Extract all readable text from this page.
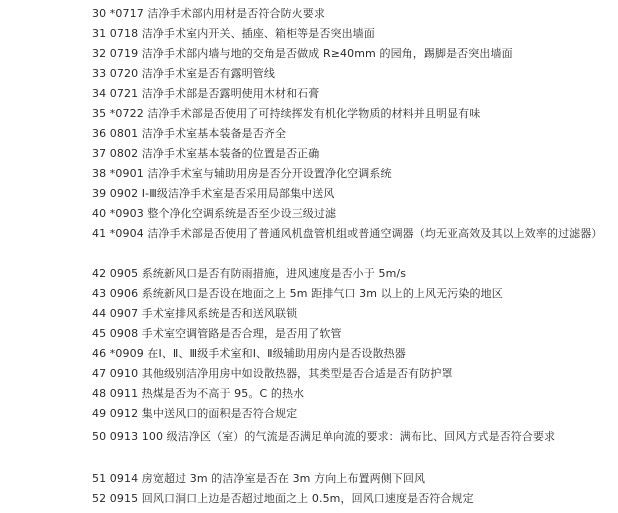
30 *0717 洁净手术部内用材是否符合防火要求
31 0718 洁净手术室内开关、插座、箱柜等是否突出墙面
32 0719 洁净手术部内墙与地的交角是否做成 R≥40mm 的园角，踢脚是否突出墙面
33 0720 洁净手术室是否有露明管线
34 0721 洁净手术部是否露明使用木材和石膏
35 *0722 洁净手术部是否使用了可持续挥发有机化学物质的材料并且明显有味
36 0801 洁净手术室基本装备是否齐全
37 0802 洁净手术室基本装备的位置是否正确
38 *0901 洁净手术室与辅助用房是否分开设置净化空调系统
39 0902 Ⅰ-Ⅲ级洁净手术室是否采用局部集中送风
40 *0903 整个净化空调系统是否至少设三级过滤
41 *0904 洁净手术部是否使用了普通风机盘管机组或普通空调器（均无亚高效及其以上效率的过滤器）
42 0905 系统新风口是否有防雨措施，进风速度是否小于 5m/s
43 0906 系统新风口是否设在地面之上 5m 距排气口 3m 以上的上风无污染的地区
44 0907 手术室排风系统是否和送风联锁
45 0908 手术室空调管路是否合理，是否用了软管
46 *0909 在Ⅰ、Ⅱ、Ⅲ级手术室和Ⅰ、Ⅱ级辅助用房内是否设散热器
47 0910 其他级别洁净用房中如设散热器，其类型是否合适是否有防护罩
48 0911 热煤是否为不高于 95。C 的热水
49 0912 集中送风口的面积是否符合规定
50 0913 100 级洁净区（室）的气流是否满足单向流的要求：满布比、回风方式是否符合要求
51 0914 房宽超过 3m 的洁净室是否在 3m 方向上布置两侧下回风
52 0915 回风口洞口上边是否超过地面之上 0.5m，回风口速度是否符合规定
